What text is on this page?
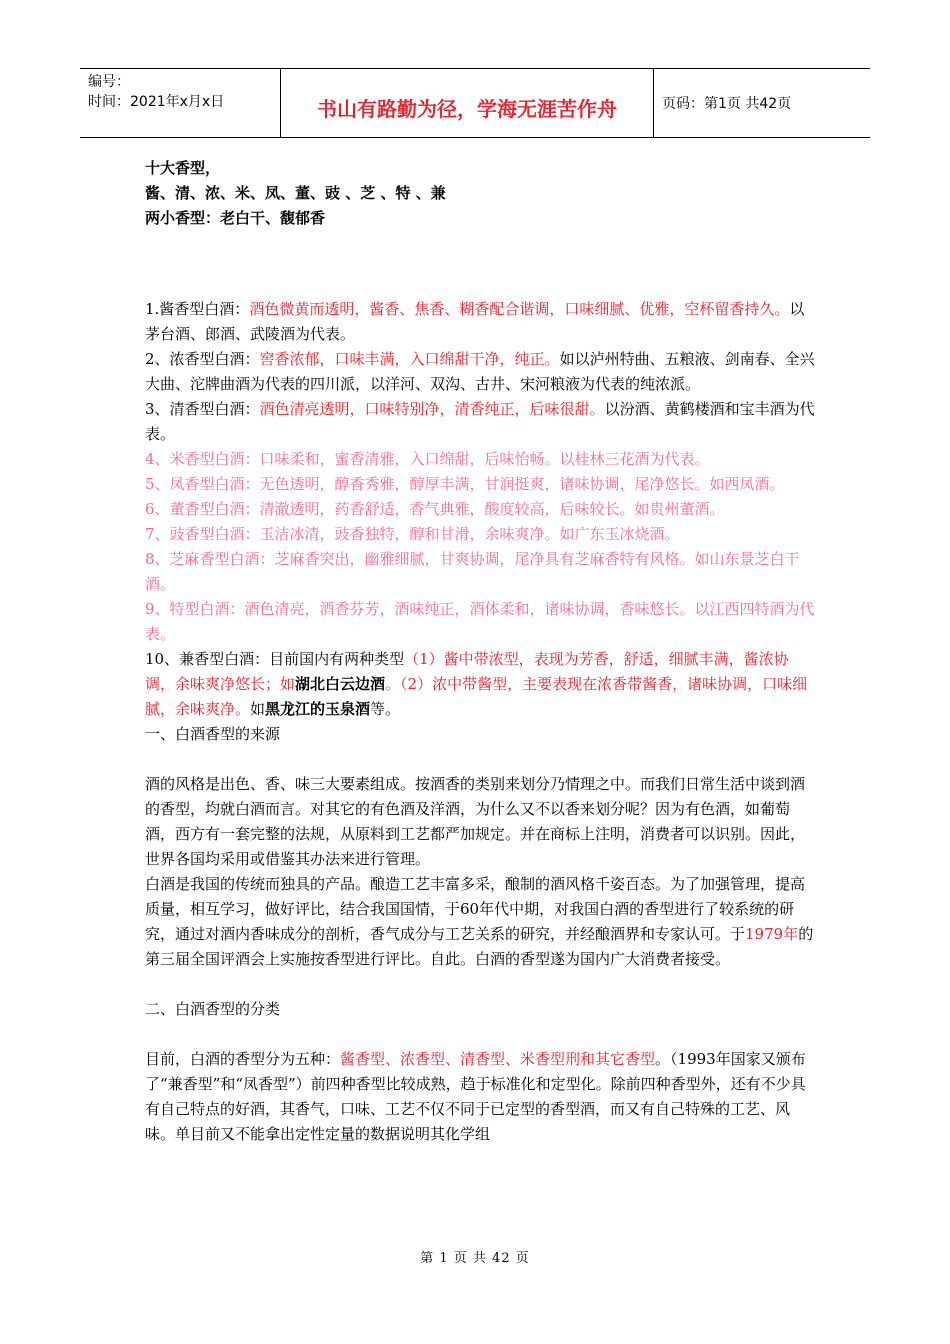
编号：
时间：2021年x月x日	书山有路勤为径，学海无涯苦作舟	页码：第1页 共42页

十大香型，

酱、清、浓、米、凤、董、豉 、芝 、特 、兼

两小香型：老白干、馥郁香

1.酱香型白酒：酒色微黄而透明，酱香、焦香、糊香配合谐调，口味细腻、优雅，空杯留香持久。以茅台酒、郎酒、武陵酒为代表。

2、浓香型白酒：窖香浓郁，口味丰满，入口绵甜干净，纯正。如以泸州特曲、五粮液、剑南春、全兴大曲、沱牌曲酒为代表的四川派，以洋河、双沟、古井、宋河粮液为代表的纯浓派。

3、清香型白酒：酒色清亮透明，口味特别净，清香纯正，后味很甜。以汾酒、黄鹤楼酒和宝丰酒为代表。

4、米香型白酒：口味柔和，蜜香清雅，入口绵甜，后味怡畅。以桂林三花酒为代表。

5、凤香型白酒：无色透明，醇香秀雅，醇厚丰满，甘润挺爽，诸味协调，尾净悠长。如西凤酒。

6、董香型白酒：清澈透明，药香舒适，香气典雅，酸度较高，后味较长。如贵州董酒。

7、豉香型白酒：玉洁冰清，豉香独特，醇和甘滑，余味爽净。如广东玉冰烧酒。

8、芝麻香型白酒：芝麻香突出，幽雅细腻，甘爽协调，尾净具有芝麻香特有风格。如山东景芝白干酒。

9、特型白酒：酒色清亮，酒香芬芳，酒味纯正，酒体柔和，诸味协调，香味悠长。以江西四特酒为代表。

10、兼香型白酒：目前国内有两种类型（1）酱中带浓型，表现为芳香，舒适，细腻丰满，酱浓协调，余味爽净悠长；如湖北白云边酒。（2）浓中带酱型，主要表现在浓香带酱香，诸味协调，口味细腻，余味爽净。如黑龙江的玉泉酒等。

一、白酒香型的来源

酒的风格是出色、香、味三大要素组成。按酒香的类别来划分乃情理之中。而我们日常生活中谈到酒的香型，均就白酒而言。对其它的有色酒及洋酒，为什么又不以香来划分呢？因为有色酒，如葡萄酒，西方有一套完整的法规，从原料到工艺都严加规定。并在商标上注明，消费者可以识别。因此，世界各国均采用或借鉴其办法来进行管理。

白酒是我国的传统而独具的产品。酿造工艺丰富多采，酿制的酒风格千姿百态。为了加强管理，提高质量，相互学习，做好评比，结合我国国情，于60年代中期，对我国白酒的香型进行了较系统的研究，通过对酒内香味成分的剖析，香气成分与工艺关系的研究，并经酿酒界和专家认可。于1979年的第三届全国评酒会上实施按香型进行评比。自此。白酒的香型遂为国内广大消费者接受。

二、白酒香型的分类

目前，白酒的香型分为五种：酱香型、浓香型、清香型、米香型刑和其它香型。（1993年国家又颁布了“兼香型”和“凤香型”）前四种香型比较成熟，趋于标准化和定型化。除前四种香型外，还有不少具有自己特点的好酒，其香气，口味、工艺不仅不同于已定型的香型酒，而又有自己特殊的工艺、风味。单目前又不能拿出定性定量的数据说明其化学组

第 1 页 共 42 页
